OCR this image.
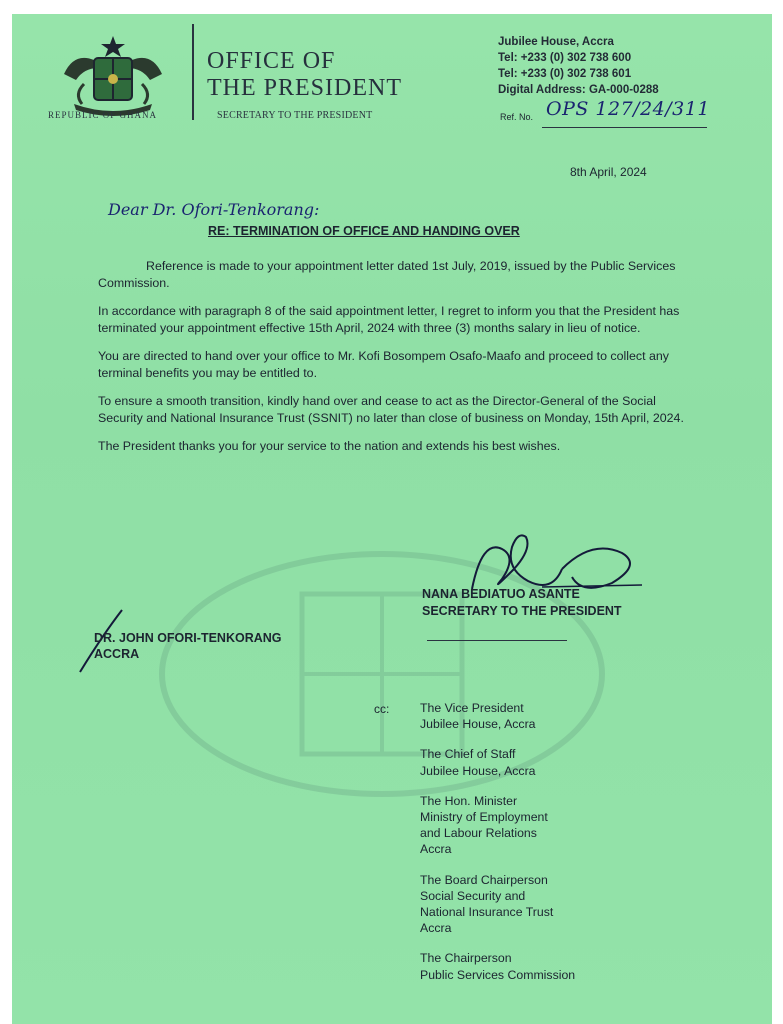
REPUBLIC OF GHANA
OFFICE OF
THE PRESIDENT
SECRETARY TO THE PRESIDENT
Jubilee House, Accra
Tel: +233 (0) 302 738 600
Tel: +233 (0) 302 738 601
Digital Address: GA-000-0288
Ref. No. OPS 127/24/311
8th April, 2024
Dear Dr. Ofori-Tenkorang:
RE: TERMINATION OF OFFICE AND HANDING OVER

Reference is made to your appointment letter dated 1st July, 2019, issued by the Public Services Commission.

In accordance with paragraph 8 of the said appointment letter, I regret to inform you that the President has terminated your appointment effective 15th April, 2024 with three (3) months salary in lieu of notice.

You are directed to hand over your office to Mr. Kofi Bosompem Osafo-Maafo and proceed to collect any terminal benefits you may be entitled to.

To ensure a smooth transition, kindly hand over and cease to act as the Director-General of the Social Security and National Insurance Trust (SSNIT) no later than close of business on Monday, 15th April, 2024.

The President thanks you for your service to the nation and extends his best wishes.

NANA BEDIATUO ASANTE
SECRETARY TO THE PRESIDENT
DR. JOHN OFORI-TENKORANG
ACCRA
cc: The Vice President
Jubilee House, Accra
The Chief of Staff
Jubilee House, Accra
The Hon. Minister
Ministry of Employment
and Labour Relations
Accra
The Board Chairperson
Social Security and
National Insurance Trust
Accra
The Chairperson
Public Services Commission
